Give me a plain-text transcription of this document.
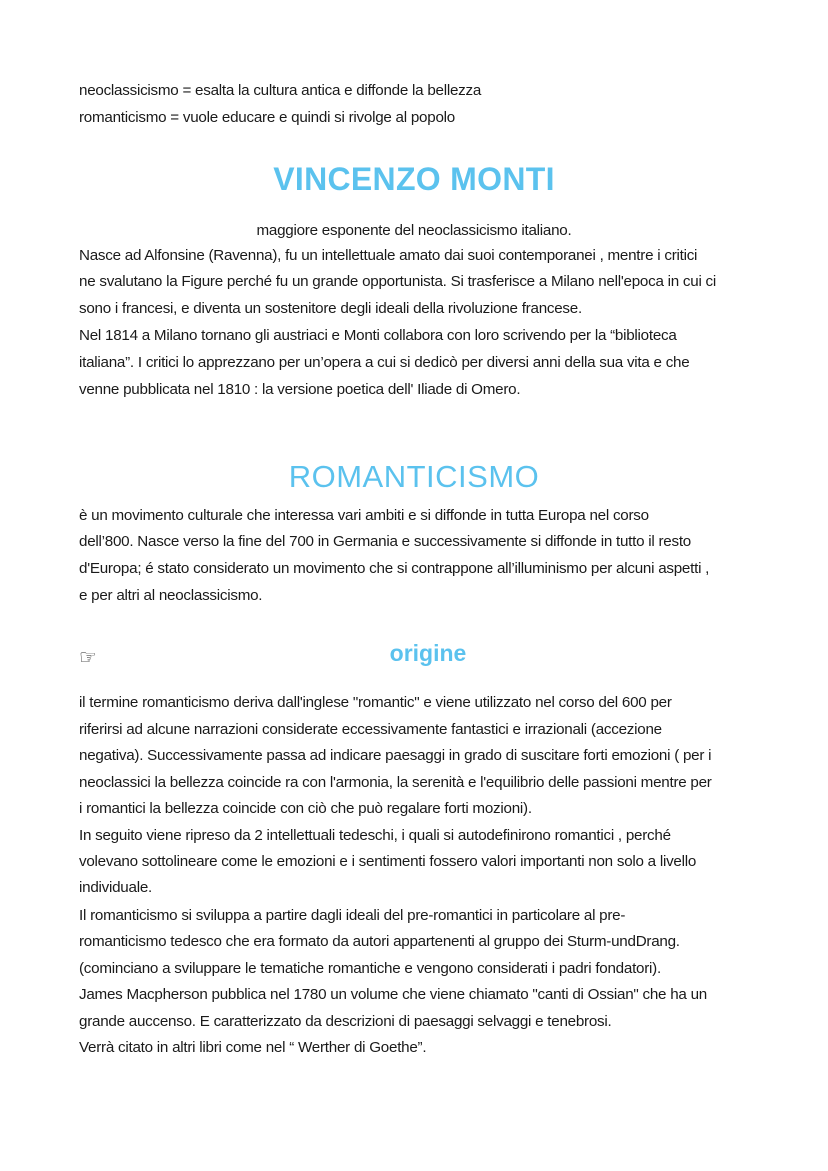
neoclassicismo = esalta la cultura antica e diffonde la bellezza
romanticismo = vuole educare e quindi si rivolge al popolo
VINCENZO MONTI
maggiore esponente del neoclassicismo italiano.
Nasce ad Alfonsine (Ravenna), fu un intellettuale amato dai suoi contemporanei , mentre i critici
ne svalutano la Figure perché fu un grande opportunista. Si trasferisce a Milano nell'epoca in cui ci
sono i francesi, e diventa un sostenitore degli ideali della rivoluzione francese.
Nel 1814 a Milano tornano gli austriaci e Monti collabora con loro scrivendo per la “biblioteca
italiana”. I critici lo apprezzano per un’opera a cui si dedicò per diversi anni della sua vita e che
venne pubblicata nel 1810 : la versione poetica dell' Iliade di Omero.
ROMANTICISMO
è un movimento culturale che interessa vari ambiti e si diffonde in tutta Europa nel corso
dell’800. Nasce verso la fine del 700 in Germania e successivamente si diffonde in tutto il resto
d'Europa; é stato considerato un movimento che si contrappone all’illuminismo per alcuni aspetti ,
e per altri al neoclassicismo.
☞	origine
il termine romanticismo deriva dall'inglese "romantic" e viene utilizzato nel corso del 600 per
riferirsi ad alcune narrazioni considerate eccessivamente fantastici e irrazionali (accezione
negativa). Successivamente passa ad indicare paesaggi in grado di suscitare forti emozioni ( per i
neoclassici la bellezza coincide ra con l'armonia, la serenità e l'equilibrio delle passioni mentre per
i romantici la bellezza coincide con ciò che può regalare forti mozioni).
In seguito viene ripreso da 2 intellettuali tedeschi, i quali si autodefinirono romantici , perché
volevano sottolineare come le emozioni e i sentimenti fossero valori importanti non solo a livello
individuale.
Il romanticismo si sviluppa a partire dagli ideali del pre-romantici in particolare al pre-
romanticismo tedesco che era formato da autori appartenenti al gruppo dei Sturm-undDrang.
(cominciano a sviluppare le tematiche romantiche e vengono considerati i padri fondatori).
James Macpherson pubblica nel 1780 un volume che viene chiamato "canti di Ossian" che ha un
grande auccenso. E caratterizzato da descrizioni di paesaggi selvaggi e tenebrosi.
Verrà citato in altri libri come nel “ Werther di Goethe”.
